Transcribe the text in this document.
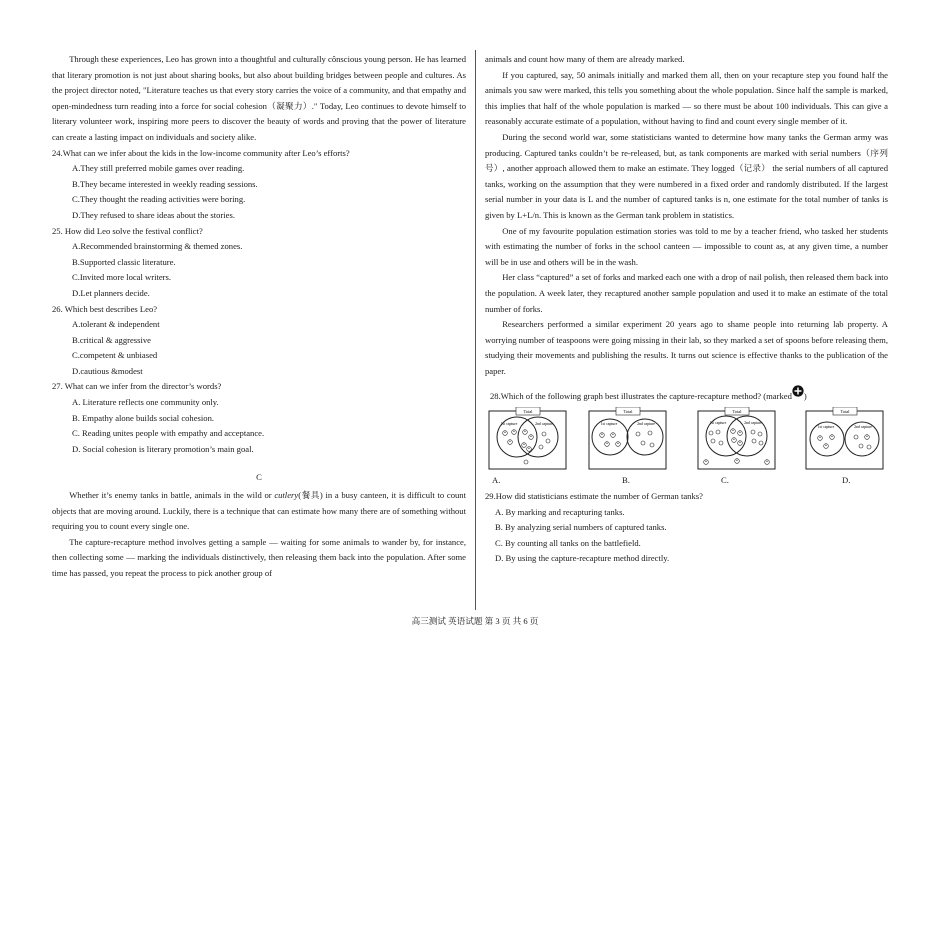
Through these experiences, Leo has grown into a thoughtful and culturally cônscious young person. He has learned that literary promotion is not just about sharing books, but also about building bridges between people and cultures. As the project director noted, "Literature teaches us that every story carries the voice of a community, and that empathy and open-mindedness turn reading into a force for social cohesion（凝聚力）." Today, Leo continues to devote himself to literary volunteer work, inspiring more peers to discover the beauty of words and proving that the power of literature can create a lasting impact on individuals and society alike.

24.What can we infer about the kids in the low-income community after Leo’s efforts?

A.They still preferred mobile games over reading.

B.They became interested in weekly reading sessions.

C.They thought the reading activities were boring.

D.They refused to share ideas about the stories.

25. How did Leo solve the festival conflict?

A.Recommended brainstorming & themed zones.

B.Supported classic literature.

C.Invited more local writers.

D.Let planners decide.

26. Which best describes Leo?

A.tolerant & independent

B.critical & aggressive

C.competent & unbiased

D.cautious &modest

27. What can we infer from the director’s words?

A. Literature reflects one community only.

B. Empathy alone builds social cohesion.

C. Reading unites people with empathy and acceptance.

D. Social cohesion is literary promotion’s main goal.

C

Whether it’s enemy tanks in battle, animals in the wild or cutlery(餐具) in a busy canteen, it is difficult to count objects that are moving around. Luckily, there is a technique that can estimate how many there are of something without requiring you to count every single one.

The capture-recapture method involves getting a sample — waiting for some animals to wander by, for instance, then collecting some — marking the individuals distinctively, then releasing them back into the population. After some time has passed, you repeat the process to pick another group of

animals and count how many of them are already marked.

If you captured, say, 50 animals initially and marked them all, then on your recapture step you found half the animals you saw were marked, this tells you something about the whole population. Since half the sample is marked, this implies that half of the whole population is marked — so there must be about 100 individuals. This can give a reasonably accurate estimate of a population, without having to find and count every single member of it.

During the second world war, some statisticians wanted to determine how many tanks the German army was producing. Captured tanks couldn’t be re-released, but, as tank components are marked with serial numbers（序列号）, another approach allowed them to make an estimate. They logged（记录） the serial numbers of all captured tanks, working on the assumption that they were numbered in a fixed order and randomly distributed. If the largest serial number in your data is L and the number of captured tanks is n, one estimate for the total number of tanks is given by L+L/n. This is known as the German tank problem in statistics.

One of my favourite population estimation stories was told to me by a teacher friend, who tasked her students with estimating the number of forks in the school canteen — impossible to count as, at any given time, a number will be in use and others will be in the wash.

Her class “captured” a set of forks and marked each one with a drop of nail polish, then released them back into the population. A week later, they recaptured another sample population and used it to make an estimate of the total number of forks.

Researchers performed a similar experiment 20 years ago to shame people into returning lab property. A worrying number of teaspoons were going missing in their lab, so they marked a set of spoons before releasing them, studying their movements and publishing the results. It turns out science is effective thanks to the publication of the paper.

28.Which of the following graph best illustrates the capture-recapture method? (marked )

Total
1st capture	2nd capture
* *
*
*
*
*
*
Total
1st capture	2nd capture
* *
* *
Total
1st capture	2nd capture
* *
*
*
*	*	*
Total
1st capture	2nd capture
* *
*
*
A.	B.	C.	D.

29.How did statisticians estimate the number of German tanks?

A. By marking and recapturing tanks.

B. By analyzing serial numbers of captured tanks.

C. By counting all tanks on the battlefield.

D. By using the capture-recapture method directly.

高三测试 英语试题 第 3 页 共 6 页
